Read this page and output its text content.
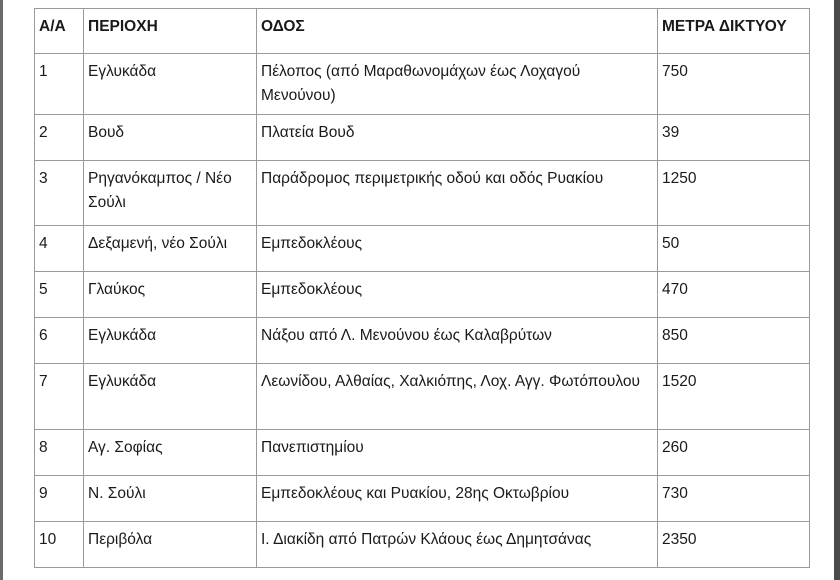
Α/Α	ΠΕΡΙΟΧΗ	ΟΔΟΣ	ΜΕΤΡΑ ΔΙΚΤΥΟΥ
1	Εγλυκάδα	Πέλοπος (από Μαραθωνομάχων έως Λοχαγού Μενούνου)	750
2	Βουδ	Πλατεία Βουδ	39
3	Ρηγανόκαμπος / Νέο Σούλι	Παράδρομος περιμετρικής οδού και οδός Ρυακίου	1250
4	Δεξαμενή, νέο Σούλι	Εμπεδοκλέους	50
5	Γλαύκος	Εμπεδοκλέους	470
6	Εγλυκάδα	Νάξου από Λ. Μενούνου έως Καλαβρύτων	850
7	Εγλυκάδα	Λεωνίδου, Αλθαίας, Χαλκιόπης, Λοχ. Αγγ. Φωτόπουλου	1520
8	Αγ. Σοφίας	Πανεπιστημίου	260
9	Ν. Σούλι	Εμπεδοκλέους και Ρυακίου, 28ης Οκτωβρίου	730
10	Περιβόλα	Ι. Διακίδη από Πατρών Κλάους έως Δημητσάνας	2350
